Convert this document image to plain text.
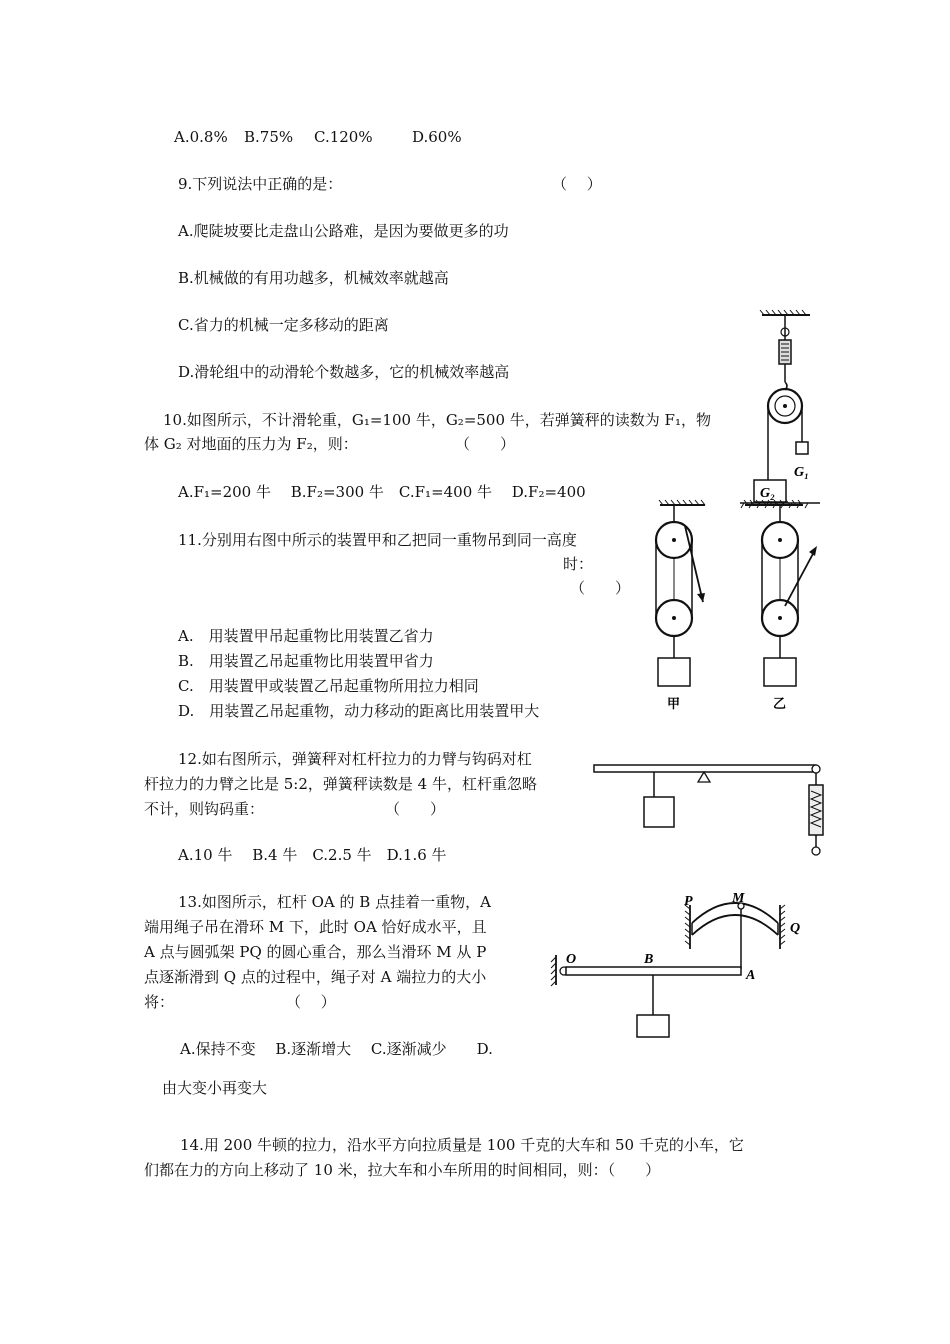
A.0.8% B.75% C.120%	D.60%
9.下列说法中正确的是：	（　 ）
A.爬陡坡要比走盘山公路难，是因为要做更多的功
B.机械做的有用功越多，机械效率就越高
C.省力的机械一定多移动的距离
D.滑轮组中的动滑轮个数越多，它的机械效率越高
10.如图所示，不计滑轮重，G₁=100 牛，G₂=500 牛，若弹簧秤的读数为 F₁，物
体 G₂ 对地面的压力为 F₂，则：	（　　）
A.F₁=200 牛　 B.F₂=300 牛　C.F₁=400 牛　 D.F₂=400
G₁
G₂
11.分别用右图中所示的装置甲和乙把同一重物吊到同一高度
时：
（　　）
A.　用装置甲吊起重物比用装置乙省力
B.　用装置乙吊起重物比用装置甲省力
C.　用装置甲或装置乙吊起重物所用拉力相同
D.　用装置乙吊起重物，动力移动的距离比用装置甲大	甲	乙
12.如右图所示，弹簧秤对杠杆拉力的力臂与钩码对杠
杆拉力的力臂之比是 5:2，弹簧秤读数是 4 牛，杠杆重忽略
不计，则钩码重：	（　　）
A.10 牛　 B.4 牛　C.2.5 牛　D.1.6 牛
13.如图所示，杠杆 OA 的 B 点挂着一重物，A
端用绳子吊在滑环 M 下，此时 OA 恰好成水平，且
A 点与圆弧架 PQ 的圆心重合，那么当滑环 M 从 P
点逐渐滑到 Q 点的过程中，绳子对 A 端拉力的大小
将：	（　 ）
A.保持不变　 B.逐渐增大　 C.逐渐减少　　D.
由大变小再变大
P	M
Q
O	B
A
14.用 200 牛顿的拉力，沿水平方向拉质量是 100 千克的大车和 50 千克的小车，它
们都在力的方向上移动了 10 米，拉大车和小车所用的时间相同，则：（　　）
